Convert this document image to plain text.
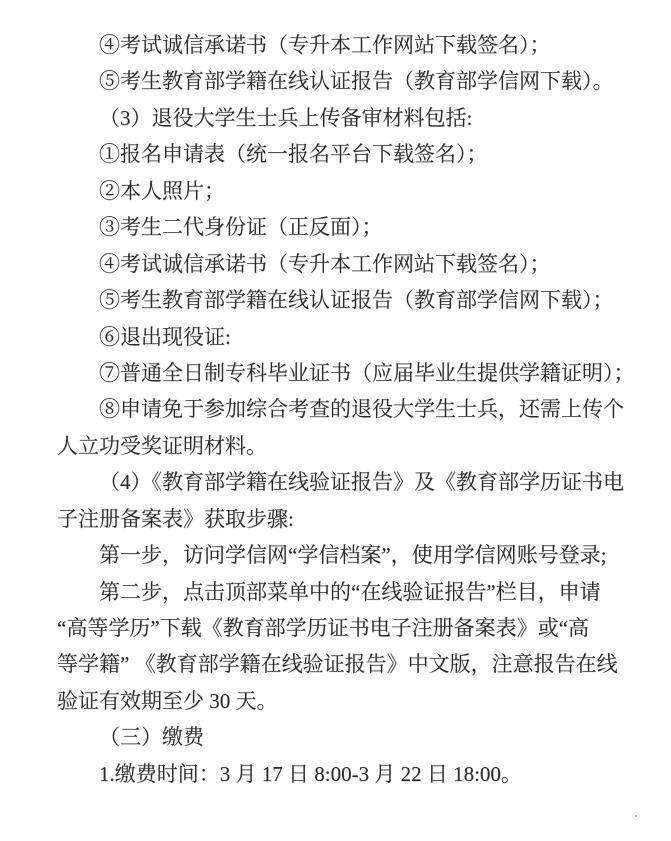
④考试诚信承诺书（专升本工作网站下载签名）；
⑤考生教育部学籍在线认证报告（教育部学信网下载）。
（3）退役大学生士兵上传备审材料包括:
①报名申请表（统一报名平台下载签名）；
②本人照片；
③考生二代身份证（正反面）；
④考试诚信承诺书（专升本工作网站下载签名）；
⑤考生教育部学籍在线认证报告（教育部学信网下载）；
⑥退出现役证:
⑦普通全日制专科毕业证书（应届毕业生提供学籍证明）；
⑧申请免于参加综合考查的退役大学生士兵，还需上传个
人立功受奖证明材料。
（4）《教育部学籍在线验证报告》及《教育部学历证书电
子注册备案表》获取步骤:
第一步，访问学信网“学信档案”，使用学信网账号登录;
第二步，点击顶部菜单中的“在线验证报告”栏目，申请
“高等学历”下载《教育部学历证书电子注册备案表》或“高
等学籍” 《教育部学籍在线验证报告》中文版，注意报告在线
验证有效期至少 30 天。
（三）缴费
1.缴费时间：3 月 17 日 8:00-3 月 22 日 18:00。
